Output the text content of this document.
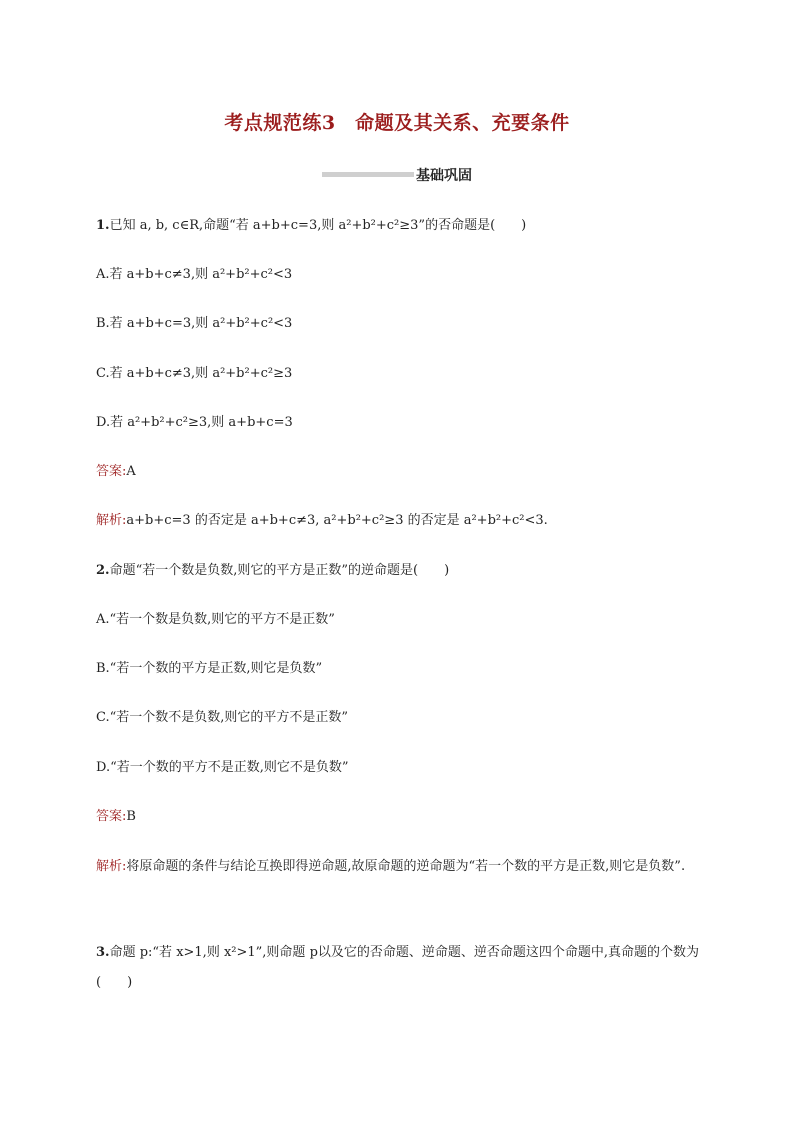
考点规范练3　命题及其关系、充要条件
基础巩固
1.已知 a, b, c∈R,命题“若 a+b+c=3,则 a²+b²+c²≥3”的否命题是(　　)
A.若 a+b+c≠3,则 a²+b²+c²<3
B.若 a+b+c=3,则 a²+b²+c²<3
C.若 a+b+c≠3,则 a²+b²+c²≥3
D.若 a²+b²+c²≥3,则 a+b+c=3
答案:A
解析:a+b+c=3 的否定是 a+b+c≠3, a²+b²+c²≥3 的否定是 a²+b²+c²<3.
2.命题“若一个数是负数,则它的平方是正数”的逆命题是(　　)
A.“若一个数是负数,则它的平方不是正数”
B.“若一个数的平方是正数,则它是负数”
C.“若一个数不是负数,则它的平方不是正数”
D.“若一个数的平方不是正数,则它不是负数”
答案:B
解析:将原命题的条件与结论互换即得逆命题,故原命题的逆命题为“若一个数的平方是正数,则它是负数”.
3.命题 p:“若 x>1,则 x²>1”,则命题 p以及它的否命题、逆命题、逆否命题这四个命题中,真命题的个数为(　　)
